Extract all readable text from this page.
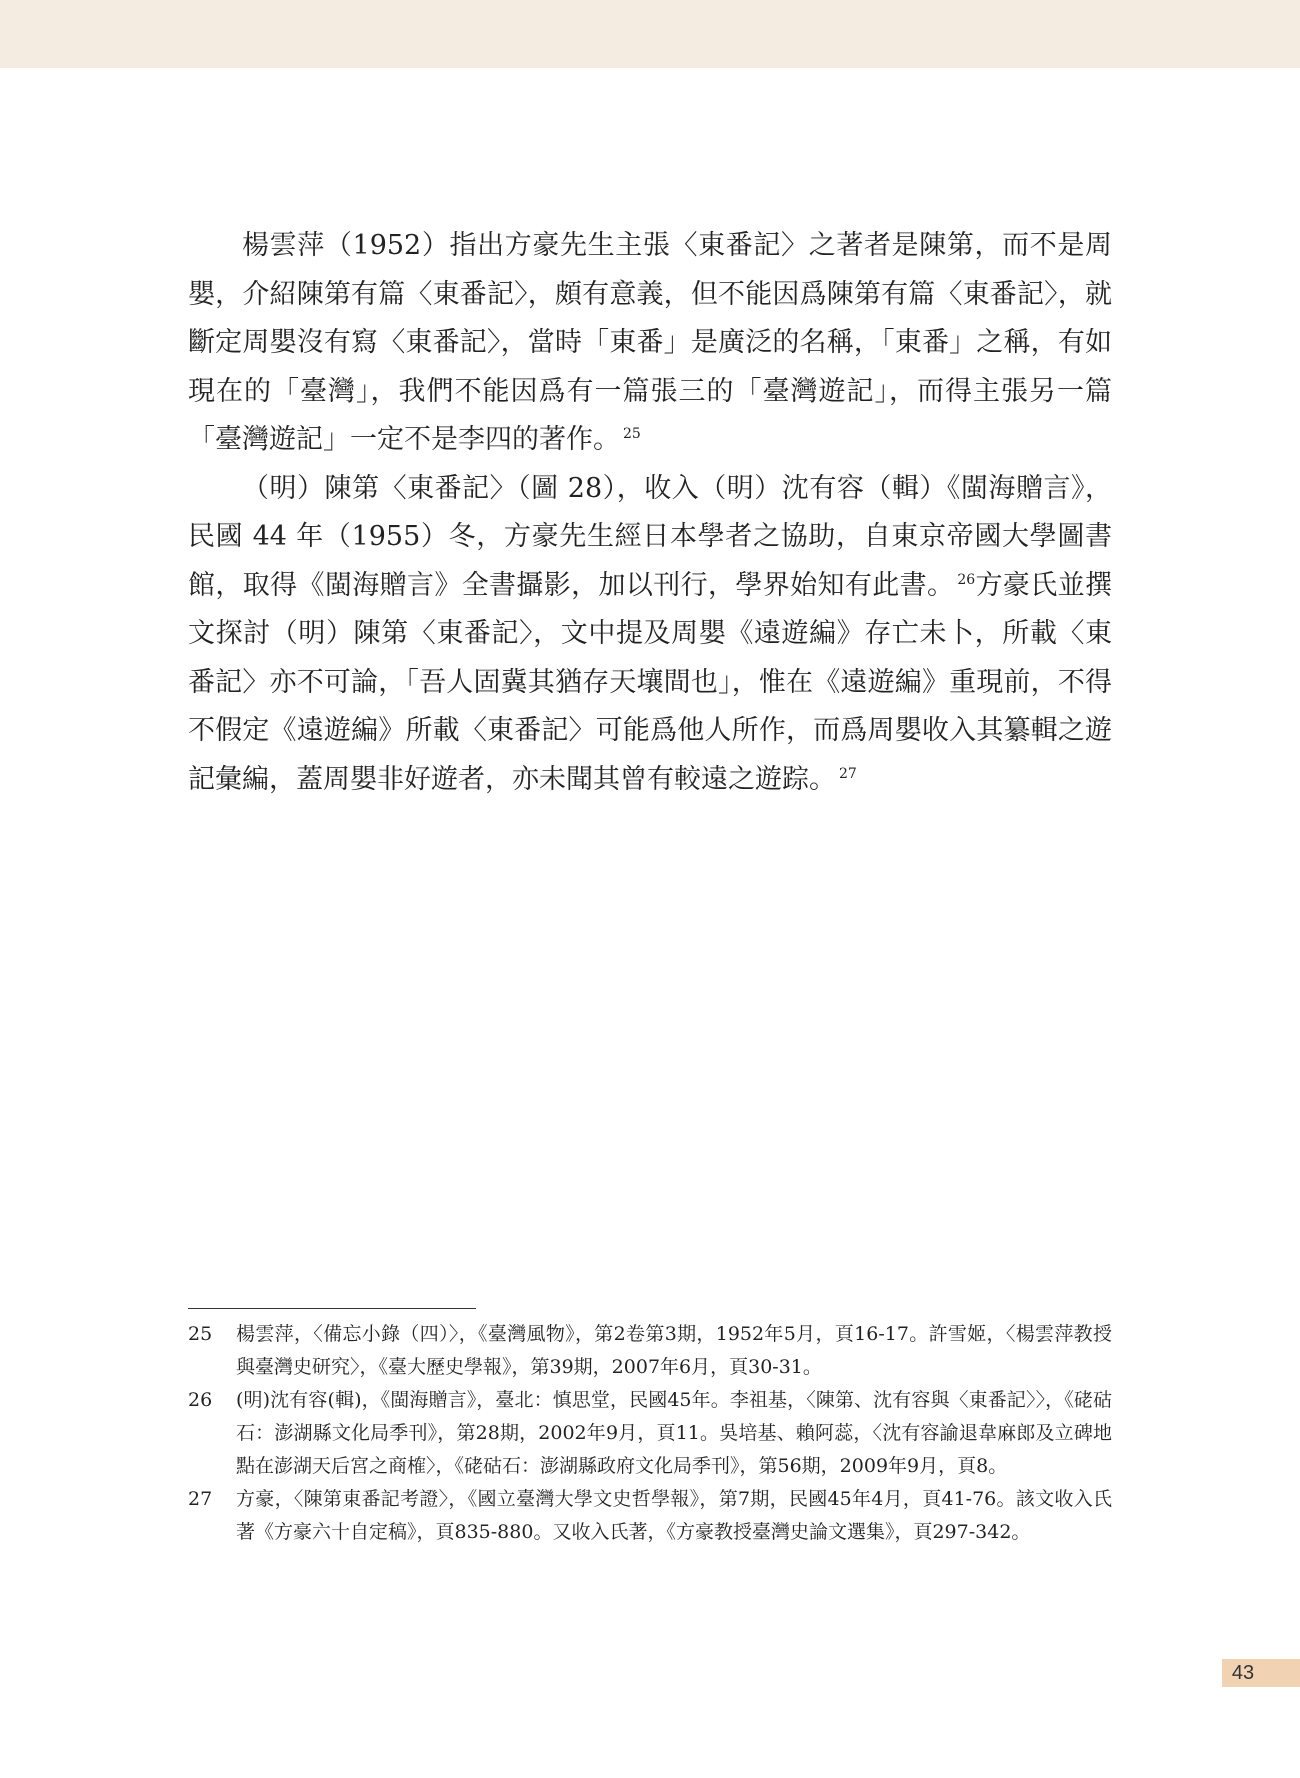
楊雲萍（1952）指出方豪先生主張〈東番記〉之著者是陳第，而不是周嬰，介紹陳第有篇〈東番記〉，頗有意義，但不能因爲陳第有篇〈東番記〉，就斷定周嬰沒有寫〈東番記〉，當時「東番」是廣泛的名稱，「東番」之稱，有如現在的「臺灣」，我們不能因爲有一篇張三的「臺灣遊記」，而得主張另一篇「臺灣遊記」一定不是李四的著作。 $^{25}$

（明）陳第〈東番記〉（圖 28），收入（明）沈有容（輯）《閩海贈言》，民國 44 年（1955）冬，方豪先生經日本學者之協助，自東京帝國大學圖書館，取得《閩海贈言》全書攝影，加以刊行，學界始知有此書。 $^{26}$方豪氏並撰文探討（明）陳第〈東番記〉，文中提及周嬰《遠遊編》存亡未卜，所載〈東番記〉亦不可論，「吾人固冀其猶存天壤間也」，惟在《遠遊編》重現前，不得不假定《遠遊編》所載〈東番記〉可能爲他人所作，而爲周嬰收入其纂輯之遊記彙編，蓋周嬰非好遊者，亦未聞其曾有較遠之遊踪。 $^{27}$

25 楊雲萍，〈備忘小錄（四）〉，《臺灣風物》，第2卷第3期，1952年5月，頁16-17。許雪姬，〈楊雲萍教授與臺灣史研究〉，《臺大歷史學報》，第39期，2007年6月，頁30-31。
26 (明)沈有容(輯)，《閩海贈言》，臺北：慎思堂，民國45年。李祖基，〈陳第、沈有容與〈東番記〉〉，《硓𥑮石：澎湖縣文化局季刊》，第28期，2002年9月，頁11。吳培基、賴阿蕊，〈沈有容諭退韋麻郎及立碑地點在澎湖天后宮之商榷〉，《硓𥑮石：澎湖縣政府文化局季刊》，第56期，2009年9月，頁8。
27 方豪，〈陳第東番記考證〉，《國立臺灣大學文史哲學報》，第7期，民國45年4月，頁41-76。該文收入氏著《方豪六十自定稿》，頁835-880。又收入氏著，《方豪教授臺灣史論文選集》，頁297-342。
43
